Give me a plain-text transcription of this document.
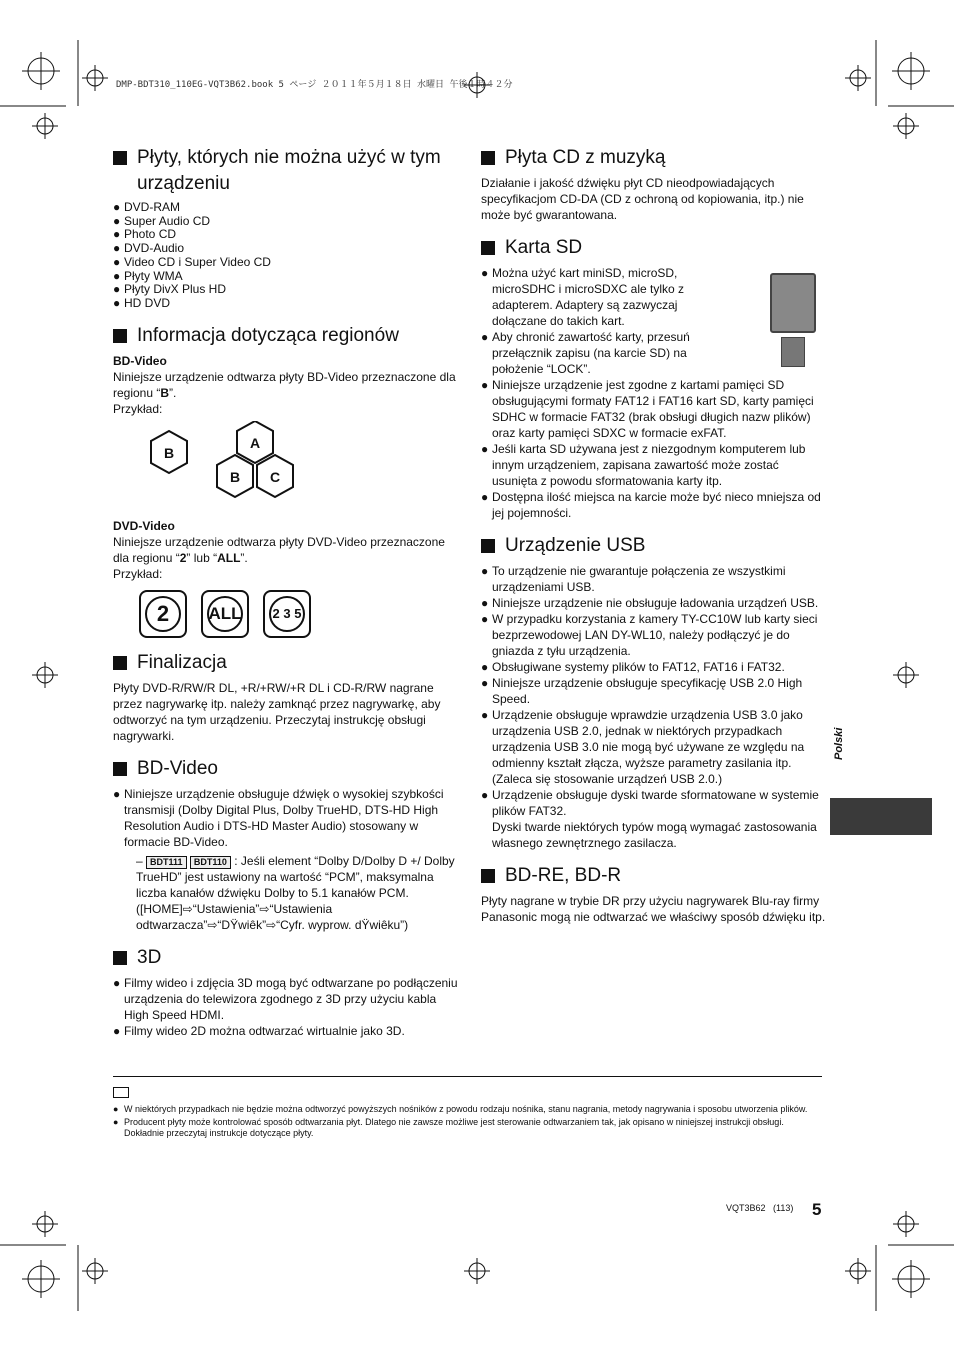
DMP-BDT310_110EG-VQT3B62.book 5 ページ ２０１１年５月１８日 水曜日 午後１時４２分
Płyty, których nie można użyć w tym urządzeniu
● DVD-RAM
● Super Audio CD
● Photo CD
● DVD-Audio
● Video CD i Super Video CD
● Płyty WMA
● Płyty DivX Plus HD
● HD DVD
Informacja dotycząca regionów

BD-Video

Niniejsze urządzenie odtwarza płyty BD-Video przeznaczone dla regionu “B”.

Przykład:

B
A
B C

DVD-Video

Niniejsze urządzenie odtwarza płyty DVD-Video przeznaczone dla regionu “2” lub “ALL”.

Przykład:

2 ALL 2 3 5
Finalizacja

Płyty DVD-R/RW/R DL, +R/+RW/+R DL i CD-R/RW nagrane przez nagrywarkę itp. należy zamknąć przez nagrywarkę, aby odtworzyć na tym urządzeniu. Przeczytaj instrukcję obsługi nagrywarki.

BD-Video
● Niniejsze urządzenie obsługuje dźwięk o wysokiej szybkości transmisji (Dolby Digital Plus, Dolby TrueHD, DTS-HD High Resolution Audio i DTS-HD Master Audio) stosowany w formacie BD-Video.
– BDT111 BDT110 : Jeśli element “Dolby D/Dolby D +/ Dolby TrueHD” jest ustawiony na wartość “PCM”, maksymalna liczba kanałów dźwięku Dolby to 5.1 kanałów PCM. ([HOME]⇨“Ustawienia”⇨“Ustawienia odtwarzacza”⇨“DŸwiêk”⇨“Cyfr. wyprow. dŸwiêku”)
3D
● Filmy wideo i zdjęcia 3D mogą być odtwarzane po podłączeniu urządzenia do telewizora zgodnego z 3D przy użyciu kabla High Speed HDMI.
● Filmy wideo 2D można odtwarzać wirtualnie jako 3D.
Płyta CD z muzyką

Działanie i jakość dźwięku płyt CD nieodpowiadających specyfikacjom CD-DA (CD z ochroną od kopiowania, itp.) nie może być gwarantowana.

Karta SD
● Można użyć kart miniSD, microSD, microSDHC i microSDXC ale tylko z adapterem. Adaptery są zazwyczaj dołączane do takich kart.
● Aby chronić zawartość karty, przesuń przełącznik zapisu (na karcie SD) na położenie “LOCK”.
● Niniejsze urządzenie jest zgodne z kartami pamięci SD obsługującymi formaty FAT12 i FAT16 kart SD, karty pamięci SDHC w formacie FAT32 (brak obsługi długich nazw plików) oraz karty pamięci SDXC w formacie exFAT.
● Jeśli karta SD używana jest z niezgodnym komputerem lub innym urządzeniem, zapisana zawartość może zostać usunięta z powodu sformatowania karty itp.
● Dostępna ilość miejsca na karcie może być nieco mniejsza od jej pojemności.
Urządzenie USB
● To urządzenie nie gwarantuje połączenia ze wszystkimi urządzeniami USB.
● Niniejsze urządzenie nie obsługuje ładowania urządzeń USB.
● W przypadku korzystania z kamery TY-CC10W lub karty sieci bezprzewodowej LAN DY-WL10, należy podłączyć je do gniazda z tyłu urządzenia.
● Obsługiwane systemy plików to FAT12, FAT16 i FAT32.
● Niniejsze urządzenie obsługuje specyfikację USB 2.0 High Speed.
● Urządzenie obsługuje wprawdzie urządzenia USB 3.0 jako urządzenia USB 2.0, jednak w niektórych przypadkach urządzenia USB 3.0 nie mogą być używane ze względu na odmienny kształt złącza, wyższe parametry zasilania itp. (Zaleca się stosowanie urządzeń USB 2.0.)
● Urządzenie obsługuje dyski twarde sformatowane w systemie plików FAT32.

Dyski twarde niektórych typów mogą wymagać zastosowania własnego zewnętrznego zasilacza.

BD-RE, BD-R

Płyty nagrane w trybie DR przy użyciu nagrywarek Blu-ray firmy Panasonic mogą nie odtwarzać we właściwy sposób dźwięku itp.

Polski
● W niektórych przypadkach nie będzie można odtworzyć powyższych nośników z powodu rodzaju nośnika, stanu nagrania, metody nagrywania i sposobu utworzenia plików.
● Producent płyty może kontrolować sposób odtwarzania płyt. Dlatego nie zawsze możliwe jest sterowanie odtwarzaniem tak, jak opisano w niniejszej instrukcji obsługi. Dokładnie przeczytaj instrukcje dotyczące płyty.
VQT3B62 (113) 5
